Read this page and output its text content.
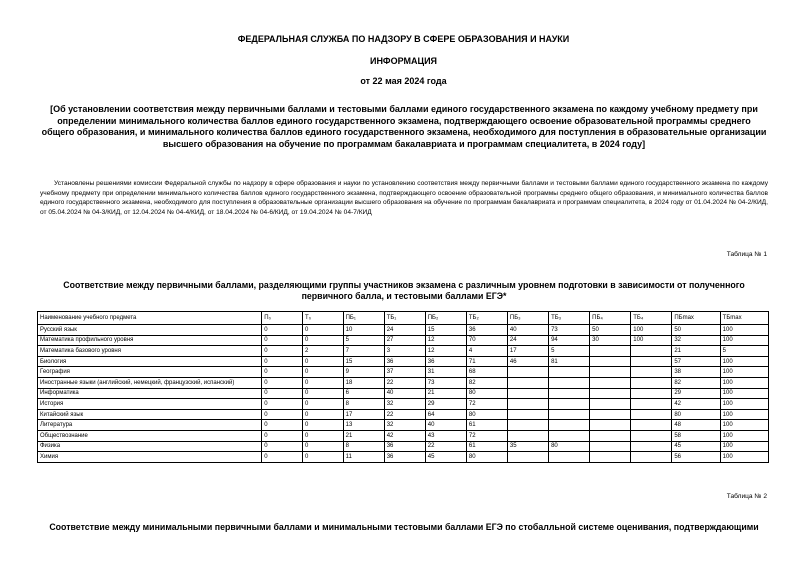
ФЕДЕРАЛЬНАЯ СЛУЖБА ПО НАДЗОРУ В СФЕРЕ ОБРАЗОВАНИЯ И НАУКИ
ИНФОРМАЦИЯ
от 22 мая 2024 года
[Об установлении соответствия между первичными баллами и тестовыми баллами единого государственного экзамена по каждому учебному предмету при определении минимального количества баллов единого государственного экзамена, подтверждающего освоение образовательной программы среднего общего образования, и минимального количества баллов единого государственного экзамена, необходимого для поступления в образовательные организации высшего образования на обучение по программам бакалавриата и программам специалитета, в 2024 году]
Установлены решениями комиссии Федеральной службы по надзору в сфере образования и науки по установлению соответствия между первичными баллами и тестовыми баллами единого государственного экзамена по каждому учебному предмету при определении минимального количества баллов единого государственного экзамена, подтверждающего освоение образовательной программы среднего общего образования, и минимального количества баллов единого государственного экзамена, необходимого для поступления в образовательные организации высшего образования на обучение по программам бакалавриата и программам специалитета, в 2024 году от 01.04.2024 № 04-2/КИД, от 05.04.2024 № 04-3/КИД, от 12.04.2024 № 04-4/КИД, от 18.04.2024 № 04-6/КИД, от 19.04.2024 № 04-7/КИД
Таблица № 1
Соответствие между первичными баллами, разделяющими группы участников экзамена с различным уровнем подготовки в зависимости от полученного первичного балла, и тестовыми баллами ЕГЭ*
Наименование учебного предмета	П₀	Т₀	ПБ₁	ТБ₁	ПБ₂	ТБ₂	ПБ₃	ТБ₃	ПБ₄	ТБ₄	ПБmax	ТБmax
Русский язык	0	0	10	24	15	36	40	73	50	100	50	100
Математика профильного уровня	0	0	5	27	12	70	24	94	30	100	32	100
Математика базового уровня	0	2	7	3	12	4	17	5			21	5
Биология	0	0	15	36	36	71	46	81			57	100
География	0	0	9	37	31	68					38	100
Иностранные языки (английский, немецкий, французский, испанский)	0	0	18	22	73	82					82	100
Информатика	0	0	6	40	21	80					29	100
История	0	0	8	32	29	72					42	100
Китайский язык	0	0	17	22	64	80					80	100
Литература	0	0	13	32	40	61					48	100
Обществознание	0	0	21	42	43	72					58	100
Физика	0	0	8	36	22	61	35	80			45	100
Химия	0	0	11	36	45	80					56	100
Таблица № 2
Соответствие между минимальными первичными баллами и минимальными тестовыми баллами ЕГЭ по стобалльной системе оценивания, подтверждающими
